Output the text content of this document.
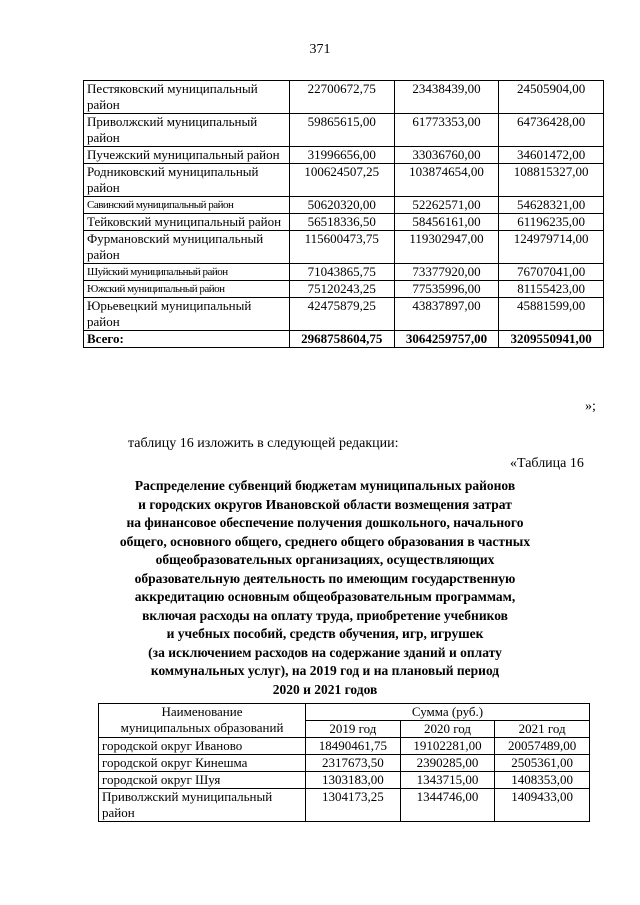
371
Пестяковский муниципальный район	22700672,75	23438439,00	24505904,00
Приволжский муниципальный район	59865615,00	61773353,00	64736428,00
Пучежский муниципальный район	31996656,00	33036760,00	34601472,00
Родниковский муниципальный район	100624507,25	103874654,00	108815327,00
Савинский муниципальный район	50620320,00	52262571,00	54628321,00
Тейковский муниципальный район	56518336,50	58456161,00	61196235,00
Фурмановский муниципальный район	115600473,75	119302947,00	124979714,00
Шуйский муниципальный район	71043865,75	73377920,00	76707041,00
Южский муниципальный район	75120243,25	77535996,00	81155423,00
Юрьевецкий муниципальный район	42475879,25	43837897,00	45881599,00
Всего:	2968758604,75	3064259757,00	3209550941,00
»;
таблицу 16 изложить в следующей редакции:
«Таблица 16
Распределение субвенций бюджетам муниципальных районов
и городских округов Ивановской области возмещения затрат
на финансовое обеспечение получения дошкольного, начального
общего, основного общего, среднего общего образования в частных
общеобразовательных организациях, осуществляющих
образовательную деятельность по имеющим государственную
аккредитацию основным общеобразовательным программам,
включая расходы на оплату труда, приобретение учебников
и учебных пособий, средств обучения, игр, игрушек
(за исключением расходов на содержание зданий и оплату
коммунальных услуг), на 2019 год и на плановый период
2020 и 2021 годов
Наименование
муниципальных образований	Сумма (руб.)		
	2019 год	2020 год	2021 год
городской округ Иваново	18490461,75	19102281,00	20057489,00
городской округ Кинешма	2317673,50	2390285,00	2505361,00
городской округ Шуя	1303183,00	1343715,00	1408353,00
Приволжский муниципальный район	1304173,25	1344746,00	1409433,00
